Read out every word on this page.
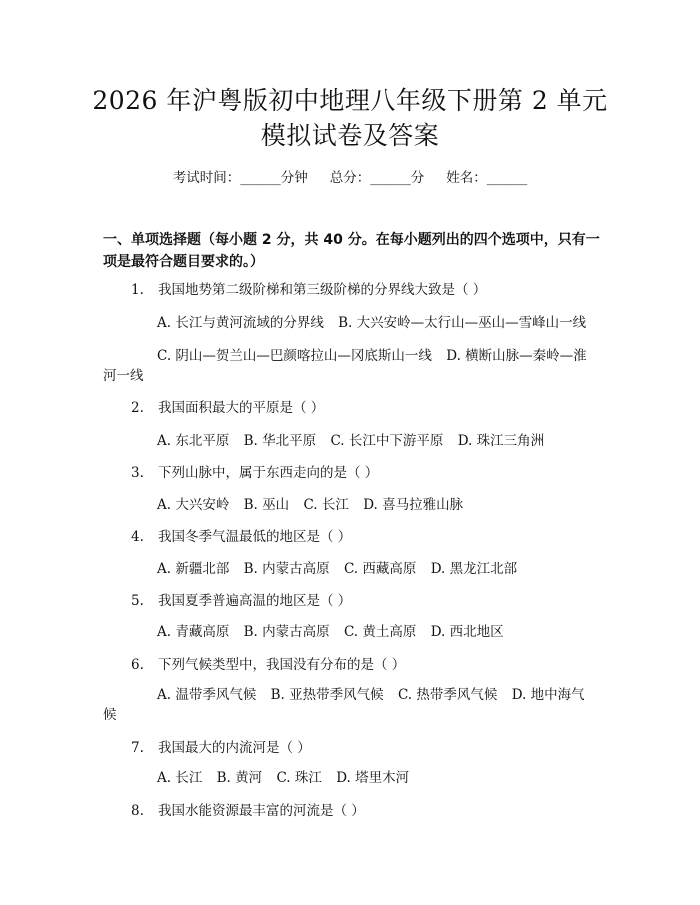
2026 年沪粤版初中地理八年级下册第 2 单元
模拟试卷及答案
考试时间：______分钟 总分：______分 姓名：______
一、单项选择题（每小题 2 分，共 40 分。在每小题列出的四个选项中，只有一项是最符合题目要求的。）
1. 我国地势第二级阶梯和第三级阶梯的分界线大致是（ ）
A. 长江与黄河流域的分界线 B. 大兴安岭—太行山—巫山—雪峰山一线
C. 阴山—贺兰山—巴颜喀拉山—冈底斯山一线 D. 横断山脉—秦岭—淮
河一线
2. 我国面积最大的平原是（ ）
A. 东北平原 B. 华北平原 C. 长江中下游平原 D. 珠江三角洲
3. 下列山脉中，属于东西走向的是（ ）
A. 大兴安岭 B. 巫山 C. 长江 D. 喜马拉雅山脉
4. 我国冬季气温最低的地区是（ ）
A. 新疆北部 B. 内蒙古高原 C. 西藏高原 D. 黑龙江北部
5. 我国夏季普遍高温的地区是（ ）
A. 青藏高原 B. 内蒙古高原 C. 黄土高原 D. 西北地区
6. 下列气候类型中，我国没有分布的是（ ）
A. 温带季风气候 B. 亚热带季风气候 C. 热带季风气候 D. 地中海气
候
7. 我国最大的内流河是（ ）
A. 长江 B. 黄河 C. 珠江 D. 塔里木河
8. 我国水能资源最丰富的河流是（ ）
